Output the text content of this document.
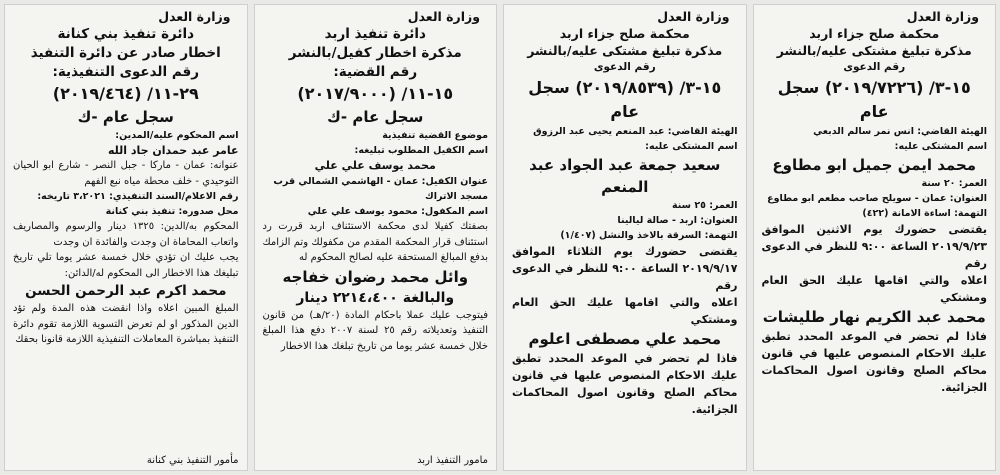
وزارة العدل
محكمة صلح جزاء اربد
مذكرة تبليغ مشتكى عليه/بالنشر
رقم الدعوى
١٥-٣/ (٢٠١٩/٧٢٢٦) سجل عام
الهيئة القاضي: انس نمر سالم الدبعي
اسم المشتكى عليه:
محمد ايمن جميل ابو مطاوع
العمر: ٢٠ سنة
العنوان: عمان - سويلح صاحب مطعم ابو مطاوع
التهمة: اساءة الامانة (٤٢٢)
يقتضى حضورك يوم الاثنين الموافق ٢٠١٩/٩/٢٣ الساعة ٩:٠٠ للنظر في الدعوى رقم
اعلاه والتي اقامها عليك الحق العام ومشتكي
محمد عبد الكريم نهار طليشات
فاذا لم تحضر في الموعد المحدد تطبق عليك الاحكام المنصوص عليها في قانون محاكم الصلح وقانون اصول المحاكمات الجزائية.
وزارة العدل
محكمة صلح جزاء اربد
مذكرة تبليغ مشتكى عليه/بالنشر
رقم الدعوى
١٥-٣/ (٢٠١٩/٨٥٣٩) سجل عام
الهيئة القاضي: عبد المنعم يحيى عبد الرزوق
اسم المشتكى عليه:
سعيد جمعة عبد الجواد عبد المنعم
العمر: ٢٥ سنة
العنوان: اربد - صالة ليالينا
التهمة: السرقة بالاخذ والنشل (١/٤٠٧)
يقتضى حضورك يوم الثلاثاء الموافق ٢٠١٩/٩/١٧ الساعة ٩:٠٠ للنظر في الدعوى رقم
اعلاه والتي اقامها عليك الحق العام ومشتكي
محمد علي مصطفى اعلوم
فاذا لم تحضر في الموعد المحدد تطبق عليك الاحكام المنصوص عليها في قانون محاكم الصلح وقانون اصول المحاكمات الجزائية.
وزارة العدل
دائرة تنفيذ اربد
مذكرة اخطار كفيل/بالنشر
رقم القضية:
١٥-١١/ (٢٠١٧/٩٠٠٠)
سجل عام -ك
موضوع القضية تنفيذية
اسم الكفيل المطلوب تبليغه:
محمد يوسف علي علي
عنوان الكفيل: عمان - الهاشمي الشمالي قرب مسجد الاتراك
اسم المكفول: محمود يوسف علي علي
بصفتك كفيلا لدى محكمة الاستئناف اربد قررت رد استئناف قرار المحكمة المقدم من مكفولك وتم الزامك بدفع المبالغ المستحقة عليه لصالح المحكوم له
وائل محمد رضوان خفاجه
والبالغة ٢٢١٤،٤٠٠ دينار
فيتوجب عليك عملا باحكام المادة (٢٠/هـ) من قانون التنفيذ وتعديلاته رقم ٢٥ لسنة ٢٠٠٧ دفع هذا المبلغ خلال خمسة عشر يوما من تاريخ تبلغك هذا الاخطار
مامور التنفيذ اربد
وزارة العدل
دائرة تنفيذ بني كنانة
اخطار صادر عن دائرة التنفيذ
رقم الدعوى التنفيذية:
٢٩-١١/ (٢٠١٩/٤٦٤)
سجل عام -ك
اسم المحكوم عليه/المدين:
عامر عبد حمدان جاد الله
عنوانه: عمان - ماركا - جبل النصر - شارع ابو الحيان التوحيدي - خلف محطة مياه نبع الفهم
رقم الاعلام/السند التنفيذي: ٣،٢٠٢١ تاريخه:
محل صدوره: تنفيذ بني كنانة
المحكوم به/الدين: ١٣٢٥ دينار والرسوم والمصاريف واتعاب المحاماة ان وجدت والفائدة ان وجدت
يجب عليك ان تؤدي خلال خمسة عشر يوما تلي تاريخ تبليغك هذا الاخطار الى المحكوم له/الدائن:
محمد اكرم عبد الرحمن الحسن
المبلغ المبين اعلاه واذا انقضت هذه المدة ولم تؤد الدين المذكور او لم تعرض التسوية اللازمة تقوم دائرة التنفيذ بمباشرة المعاملات التنفيذية اللازمة قانونا بحقك
مأمور التنفيذ بني كنانة
